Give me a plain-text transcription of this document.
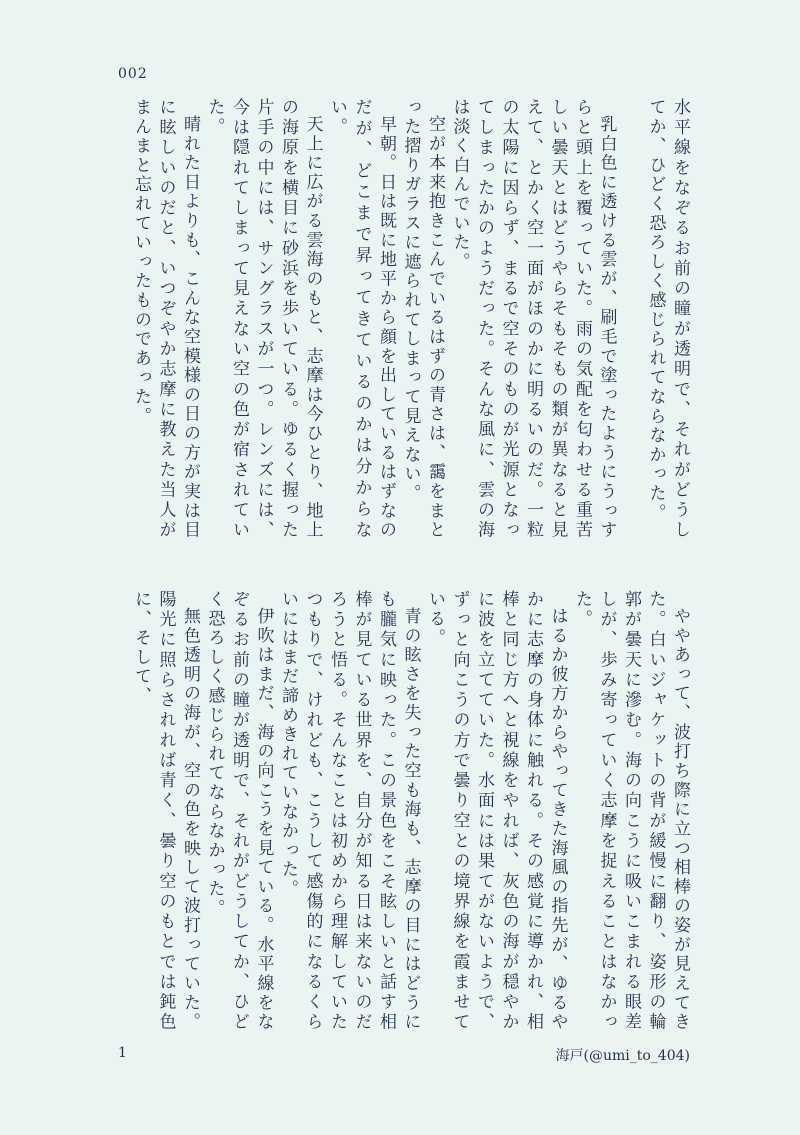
002

水平線をなぞるお前の瞳が透明で、それがどうしてか、ひどく恐ろしく感じられてならなかった。

乳白色に透ける雲が、刷毛で塗ったようにうっすらと頭上を覆っていた。雨の気配を匂わせる重苦しい曇天とはどうやらそもそもの類が異なると見えて、とかく空一面がほのかに明るいのだ。一粒の太陽に因らず、まるで空そのものが光源となってしまったかのようだった。そんな風に、雲の海は淡く白んでいた。

空が本来抱きこんでいるはずの青さは、靄をまとった摺りガラスに遮られてしまって見えない。

早朝。日は既に地平から顔を出しているはずなのだが、どこまで昇ってきているのかは分からない。

天上に広がる雲海のもと、志摩は今ひとり、地上の海原を横目に砂浜を歩いている。ゆるく握った片手の中には、サングラスが一つ。レンズには、今は隠れてしまって見えない空の色が宿されていた。

晴れた日よりも、こんな空模様の日の方が実は目に眩しいのだと、いつぞやか志摩に教えた当人がまんまと忘れていったものであった。

ややあって、波打ち際に立つ相棒の姿が見えてきた。白いジャケットの背が緩慢に翻り、姿形の輪郭が曇天に滲む。海の向こうに吸いこまれる眼差しが、歩み寄っていく志摩を捉えることはなかった。

はるか彼方からやってきた海風の指先が、ゆるやかに志摩の身体に触れる。その感覚に導かれ、相棒と同じ方へと視線をやれば、灰色の海が穏やかに波を立てていた。水面には果てがないようで、ずっと向こうの方で曇り空との境界線を霞ませている。

青の眩さを失った空も海も、志摩の目にはどうにも朧気に映った。この景色をこそ眩しいと話す相棒が見ている世界を、自分が知る日は来ないのだろうと悟る。そんなことは初めから理解していたつもりで、けれども、こうして感傷的になるくらいにはまだ諦めきれていなかった。

伊吹はまだ、海の向こうを見ている。水平線をなぞるお前の瞳が透明で、それがどうしてか、ひどく恐ろしく感じられてならなかった。

無色透明の海が、空の色を映して波打っていた。陽光に照らされれば青く、曇り空のもとでは鈍色に、そして、

1	海戸(@umi_to_404)
